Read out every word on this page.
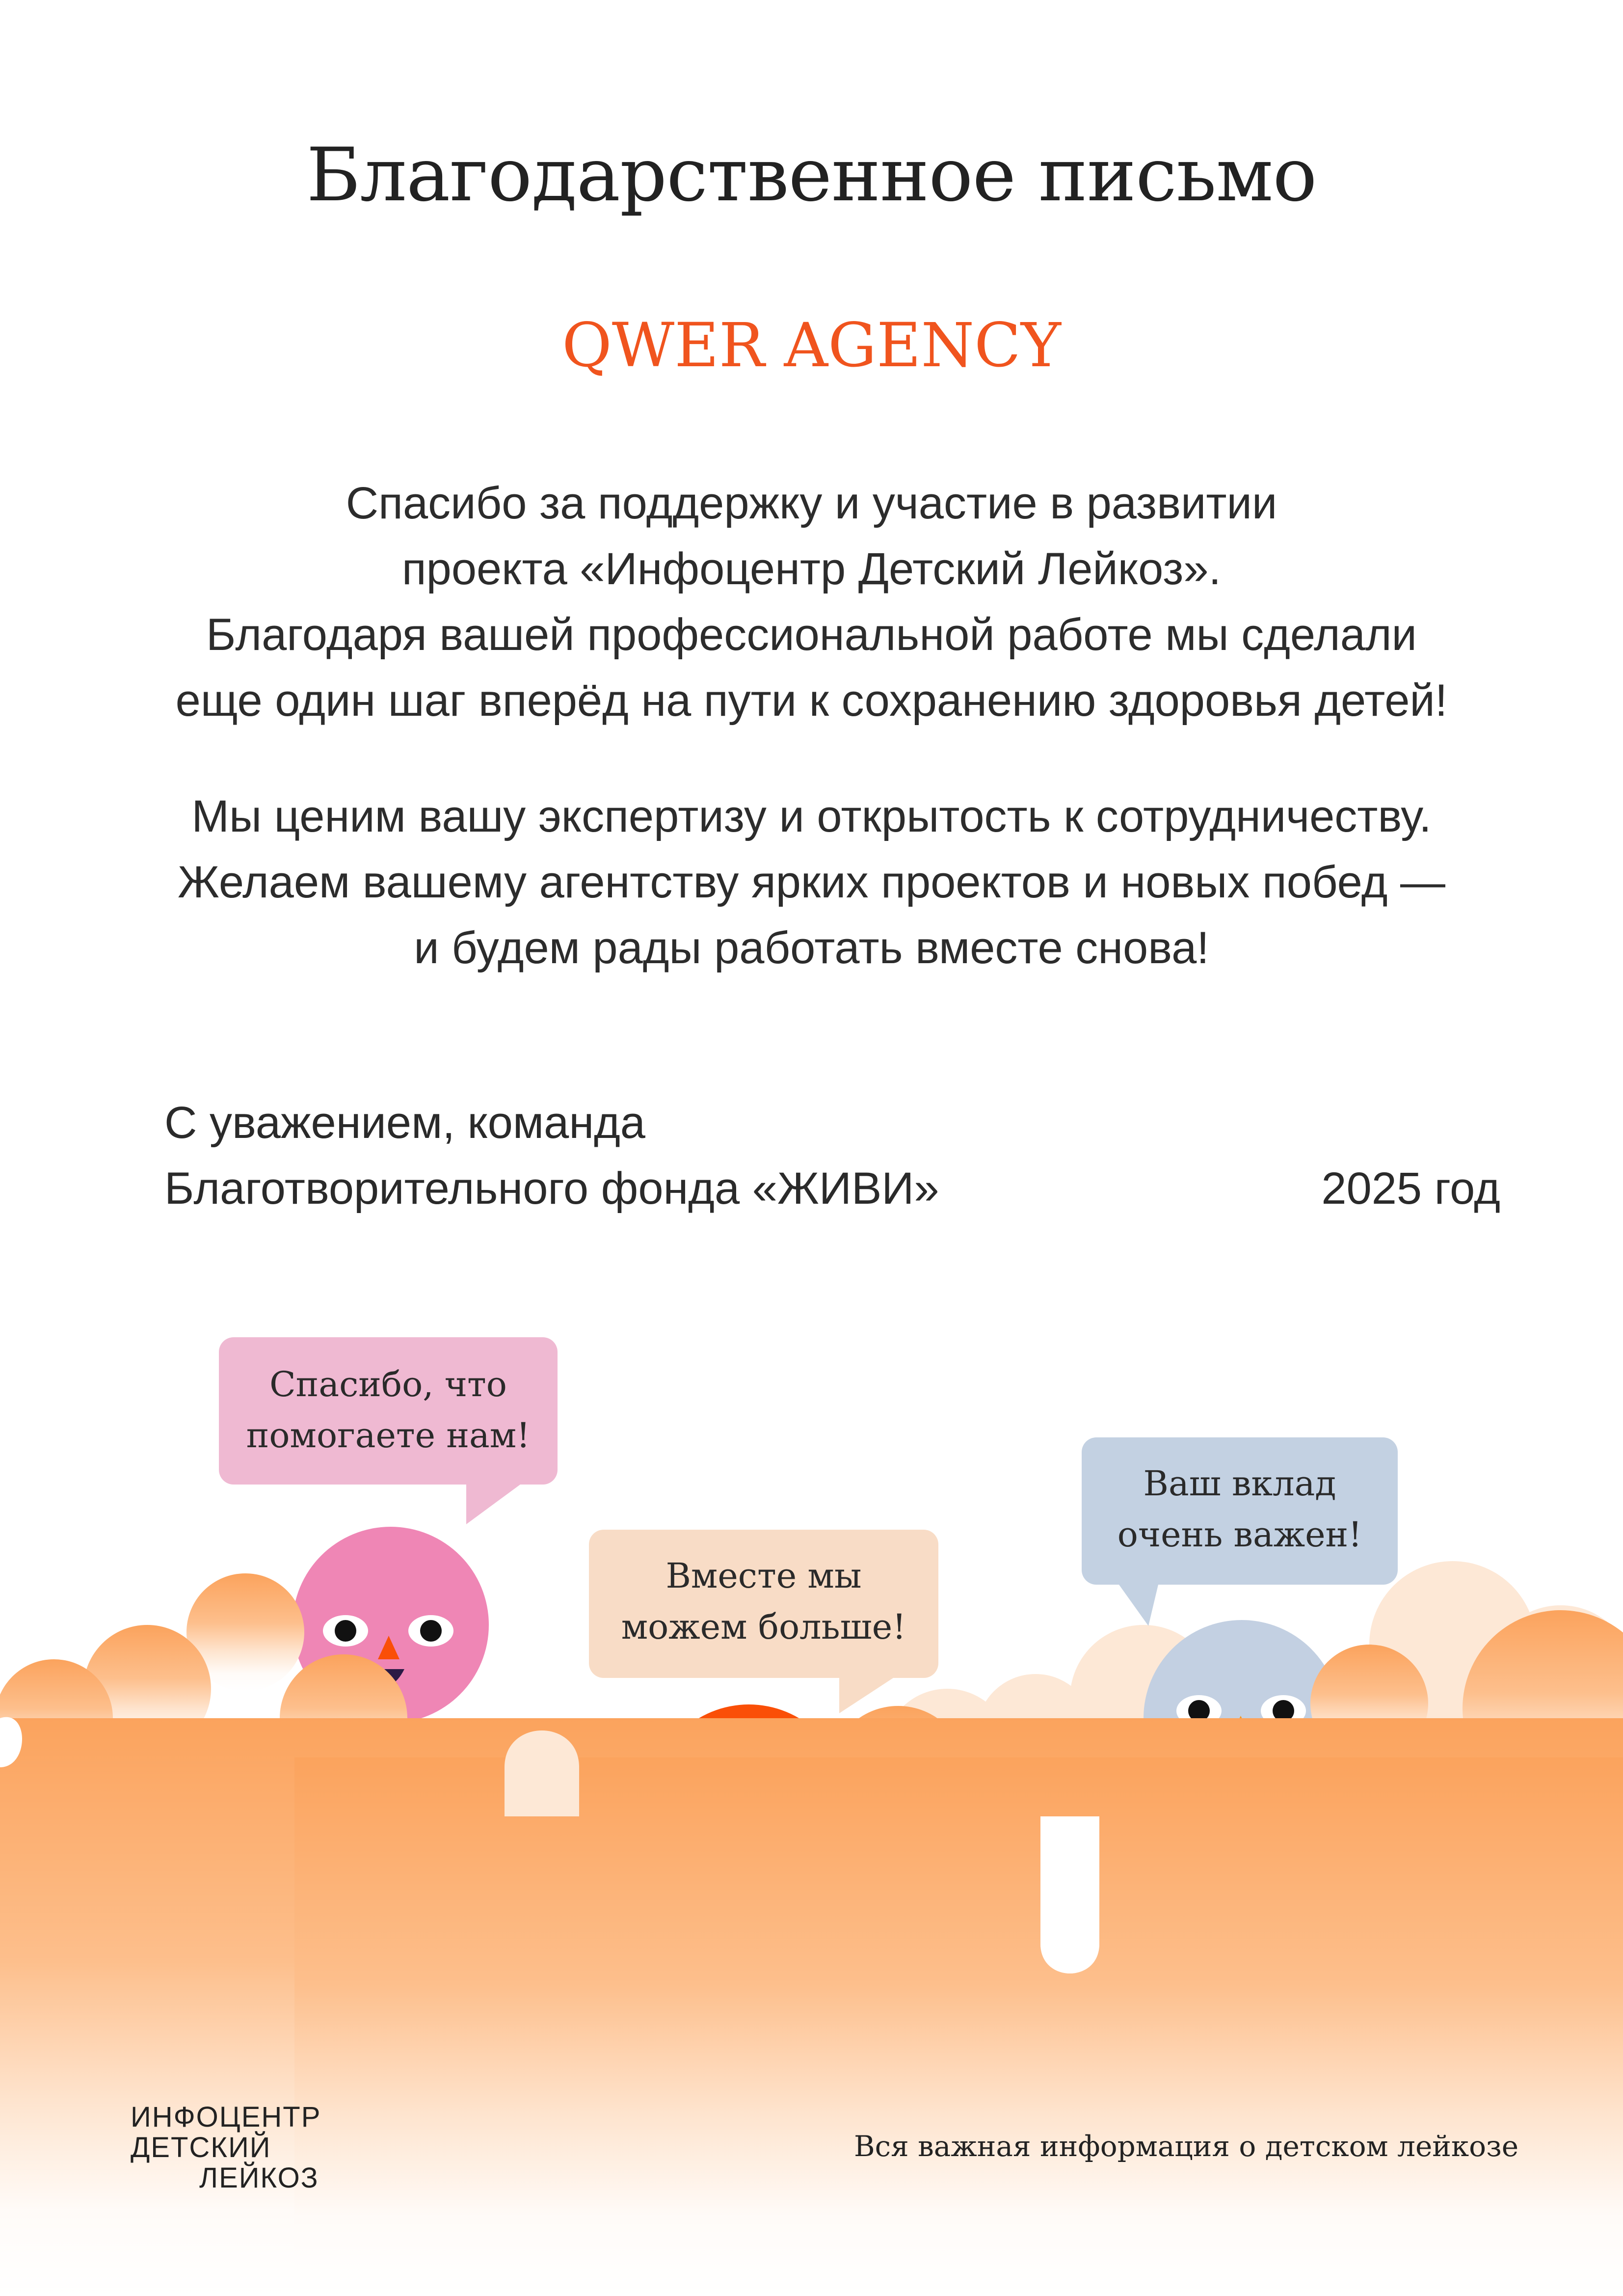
Благодарственное письмо
QWER AGENCY
Спасибо за поддержку и участие в развитии
проекта «Инфоцентр Детский Лейкоз».
Благодаря вашей профессиональной работе мы сделали
еще один шаг вперёд на пути к сохранению здоровья детей!
Мы ценим вашу экспертизу и открытость к сотрудничеству.
Желаем вашему агентству ярких проектов и новых побед —
и будем рады работать вместе снова!
С уважением, команда
Благотворительного фонда «ЖИВИ»	2025 год
Спасибо, что
помогаете нам!
Вместе мы
можем больше!
Ваш вклад
очень важен!
ИНФОЦЕНТР
ДЕТСКИЙ
ЛЕЙКОЗ
Вся важная информация о детском лейкозе
